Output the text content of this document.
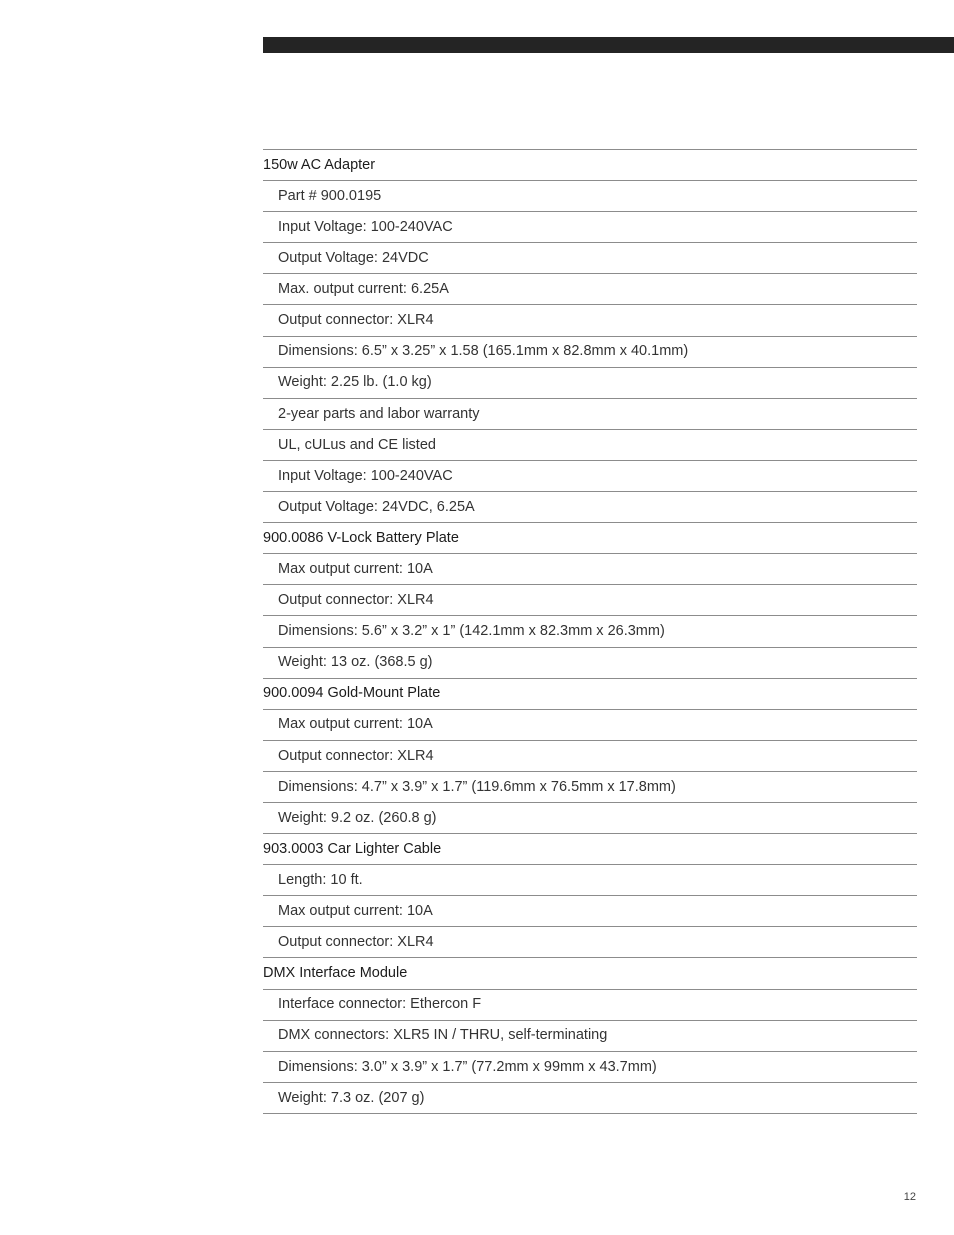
150w AC Adapter
Part # 900.0195
Input Voltage: 100-240VAC
Output Voltage: 24VDC
Max. output current: 6.25A
Output connector: XLR4
Dimensions: 6.5” x 3.25” x 1.58 (165.1mm x 82.8mm x 40.1mm)
Weight: 2.25 lb. (1.0 kg)
2-year parts and labor warranty
UL, cULus and CE listed
Input Voltage: 100-240VAC
Output Voltage: 24VDC, 6.25A
900.0086 V-Lock Battery Plate
Max output current: 10A
Output connector: XLR4
Dimensions: 5.6” x 3.2” x 1” (142.1mm x 82.3mm x 26.3mm)
Weight: 13 oz. (368.5 g)
900.0094 Gold-Mount Plate
Max output current: 10A
Output connector: XLR4
Dimensions: 4.7” x 3.9” x 1.7” (119.6mm x 76.5mm x 17.8mm)
Weight: 9.2 oz. (260.8 g)
903.0003 Car Lighter Cable
Length: 10 ft.
Max output current: 10A
Output connector: XLR4
DMX Interface Module
Interface connector: Ethercon F
DMX connectors: XLR5 IN / THRU, self-terminating
Dimensions: 3.0” x 3.9” x 1.7” (77.2mm x 99mm x 43.7mm)
Weight: 7.3 oz. (207 g)
12
